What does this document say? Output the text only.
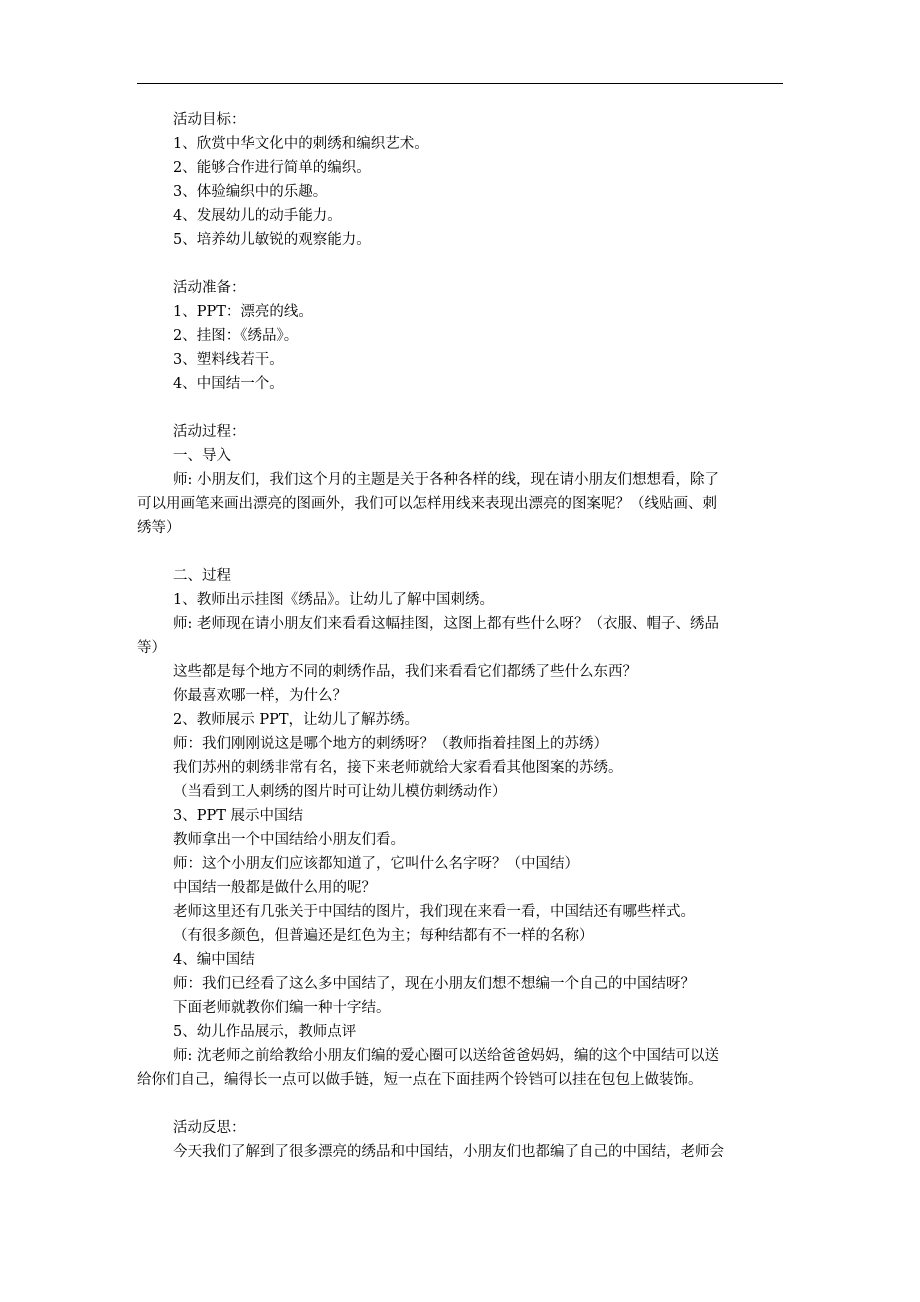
活动目标：
1、欣赏中华文化中的刺绣和编织艺术。
2、能够合作进行简单的编织。
3、体验编织中的乐趣。
4、发展幼儿的动手能力。
5、培养幼儿敏锐的观察能力。
活动准备：
1、PPT：漂亮的线。
2、挂图：《绣品》。
3、塑料线若干。
4、中国结一个。
活动过程：
一、导入
师: 小朋友们，我们这个月的主题是关于各种各样的线，现在请小朋友们想想看，除了
可以用画笔来画出漂亮的图画外，我们可以怎样用线来表现出漂亮的图案呢？（线贴画、刺
绣等）
二、过程
1、教师出示挂图《绣品》。让幼儿了解中国刺绣。
师: 老师现在请小朋友们来看看这幅挂图，这图上都有些什么呀？（衣服、帽子、绣品
等）
这些都是每个地方不同的刺绣作品，我们来看看它们都绣了些什么东西？
你最喜欢哪一样，为什么？
2、教师展示 PPT，让幼儿了解苏绣。
师：我们刚刚说这是哪个地方的刺绣呀？（教师指着挂图上的苏绣）
我们苏州的刺绣非常有名，接下来老师就给大家看看其他图案的苏绣。
（当看到工人刺绣的图片时可让幼儿模仿刺绣动作）
3、PPT 展示中国结
教师拿出一个中国结给小朋友们看。
师：这个小朋友们应该都知道了，它叫什么名字呀？（中国结）
中国结一般都是做什么用的呢？
老师这里还有几张关于中国结的图片，我们现在来看一看，中国结还有哪些样式。
（有很多颜色，但普遍还是红色为主；每种结都有不一样的名称）
4、编中国结
师：我们已经看了这么多中国结了，现在小朋友们想不想编一个自己的中国结呀？
下面老师就教你们编一种十字结。
5、幼儿作品展示，教师点评
师: 沈老师之前给教给小朋友们编的爱心圈可以送给爸爸妈妈，编的这个中国结可以送
给你们自己，编得长一点可以做手链，短一点在下面挂两个铃铛可以挂在包包上做装饰。
活动反思：
今天我们了解到了很多漂亮的绣品和中国结，小朋友们也都编了自己的中国结，老师会
